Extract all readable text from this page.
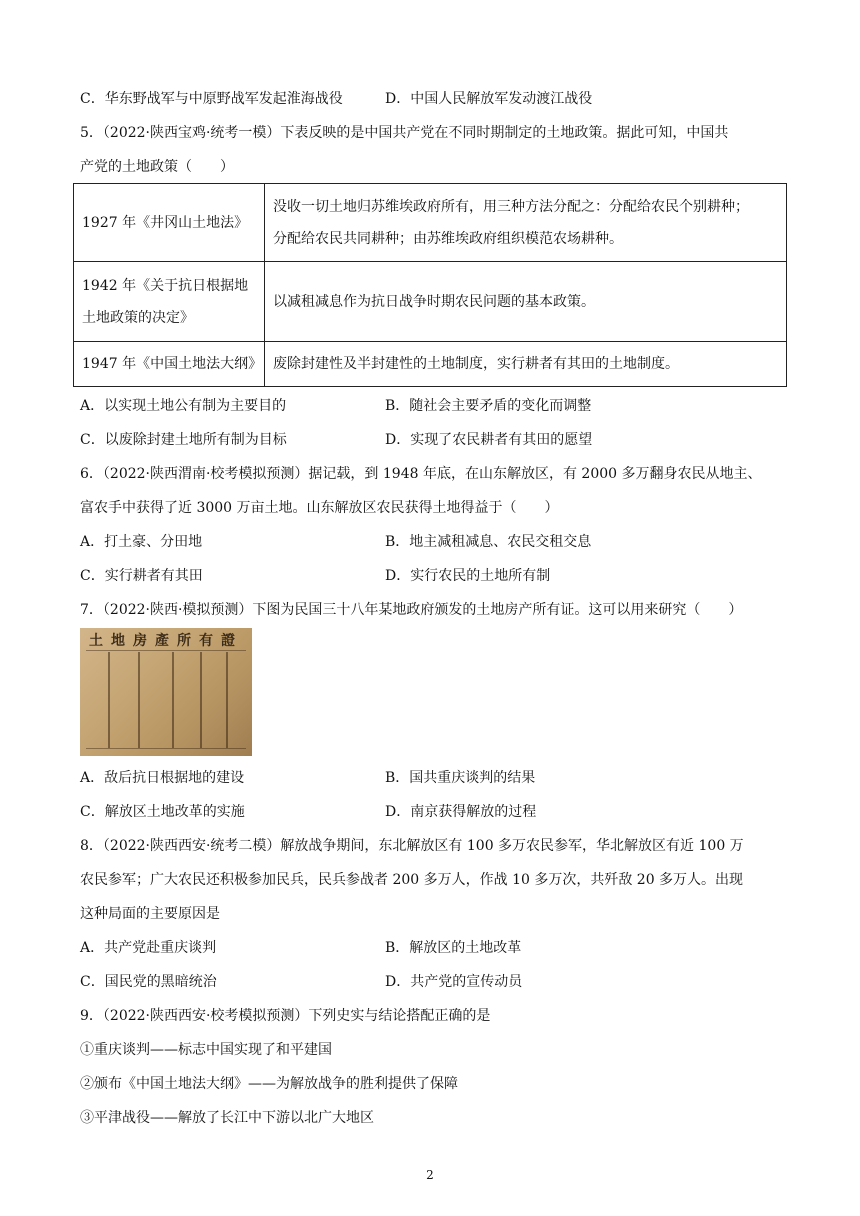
C．华东野战军与中原野战军发起淮海战役	D．中国人民解放军发动渡江战役
5．（2022·陕西宝鸡·统考一模）下表反映的是中国共产党在不同时期制定的土地政策。据此可知，中国共
产党的土地政策（　　）
1927 年《井冈山土地法》	没收一切土地归苏维埃政府所有，用三种方法分配之：分配给农民个别耕种；
分配给农民共同耕种；由苏维埃政府组织模范农场耕种。

1942 年《关于抗日根据地
土地政策的决定》	以减租减息作为抗日战争时期农民问题的基本政策。

1947 年《中国土地法大纲》	废除封建性及半封建性的土地制度，实行耕者有其田的土地制度。
A．以实现土地公有制为主要目的	B．随社会主要矛盾的变化而调整
C．以废除封建土地所有制为目标	D．实现了农民耕者有其田的愿望
6．（2022·陕西渭南·校考模拟预测）据记载，到 1948 年底，在山东解放区，有 2000 多万翻身农民从地主、
富农手中获得了近 3000 万亩土地。山东解放区农民获得土地得益于（　　）
A．打土豪、分田地	B．地主减租减息、农民交租交息
C．实行耕者有其田	D．实行农民的土地所有制
7．（2022·陕西·模拟预测）下图为民国三十八年某地政府颁发的土地房产所有证。这可以用来研究（　　）
土地房產所有證
A．敌后抗日根据地的建设	B．国共重庆谈判的结果
C．解放区土地改革的实施	D．南京获得解放的过程
8．（2022·陕西西安·统考二模）解放战争期间，东北解放区有 100 多万农民参军，华北解放区有近 100 万
农民参军；广大农民还积极参加民兵，民兵参战者 200 多万人，作战 10 多万次，共歼敌 20 多万人。出现
这种局面的主要原因是
A．共产党赴重庆谈判	B．解放区的土地改革
C．国民党的黑暗统治	D．共产党的宣传动员
9．（2022·陕西西安·校考模拟预测）下列史实与结论搭配正确的是
①重庆谈判——标志中国实现了和平建国
②颁布《中国土地法大纲》——为解放战争的胜利提供了保障
③平津战役——解放了长江中下游以北广大地区
2
